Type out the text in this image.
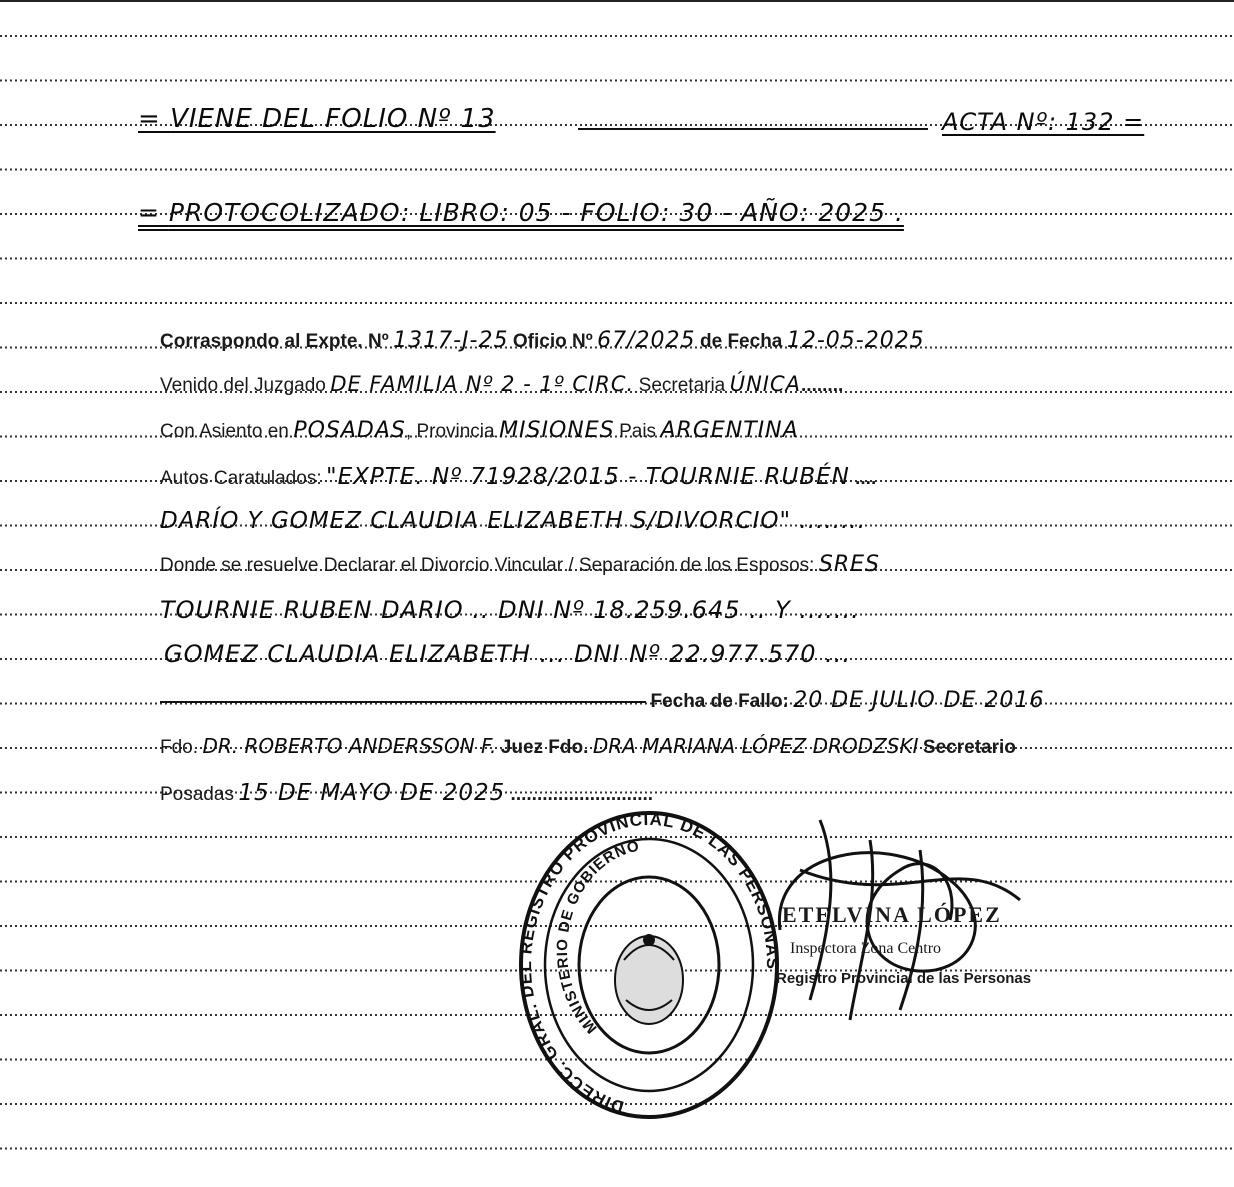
= VIENE DEL FOLIO Nº 13	ACTA Nº: 132 =
= PROTOCOLIZADO: LIBRO: 05 - FOLIO: 30 - AÑO: 2025 .
Corraspondo al Expte. Nº 1317-J-25 Oficio Nº 67/2025 de Fecha 12-05-2025
Venido del Juzgado DE FAMILIA Nº 2 - 1º CIRC. Secretaria ÚNICA........
Con Asiento en POSADAS, Provincia MISIONES Pais ARGENTINA
Autos Caratulados: "EXPTE. Nº 71928/2015 - TOURNIE RUBÉN ....
DARÍO Y GOMEZ CLAUDIA ELIZABETH S/DIVORCIO" ........
Donde se resuelve Declarar el Divorcio Vincular / Separación de los Esposos: SRES
TOURNIE RUBEN DARIO .. DNI Nº 18.259.645 .. Y .......
GOMEZ CLAUDIA ELIZABETH ... DNI Nº 22.977.570 ...
Fecha de Fallo: 20 DE JULIO DE 2016
Fdo. DR. ROBERTO ANDERSSON F. Juez Fdo. DRA MARIANA LÓPEZ DRODZSKI Secretario
Posadas 15 DE MAYO DE 2025 ...........................
DIRECC. GRAL. DEL REGISTRO PROVINCIAL DE LAS PERSONAS
MINISTERIO DE GOBIERNO
ETELVINA LÓPEZ
Inspectora Zona Centro
Registro Provincial de las Personas
